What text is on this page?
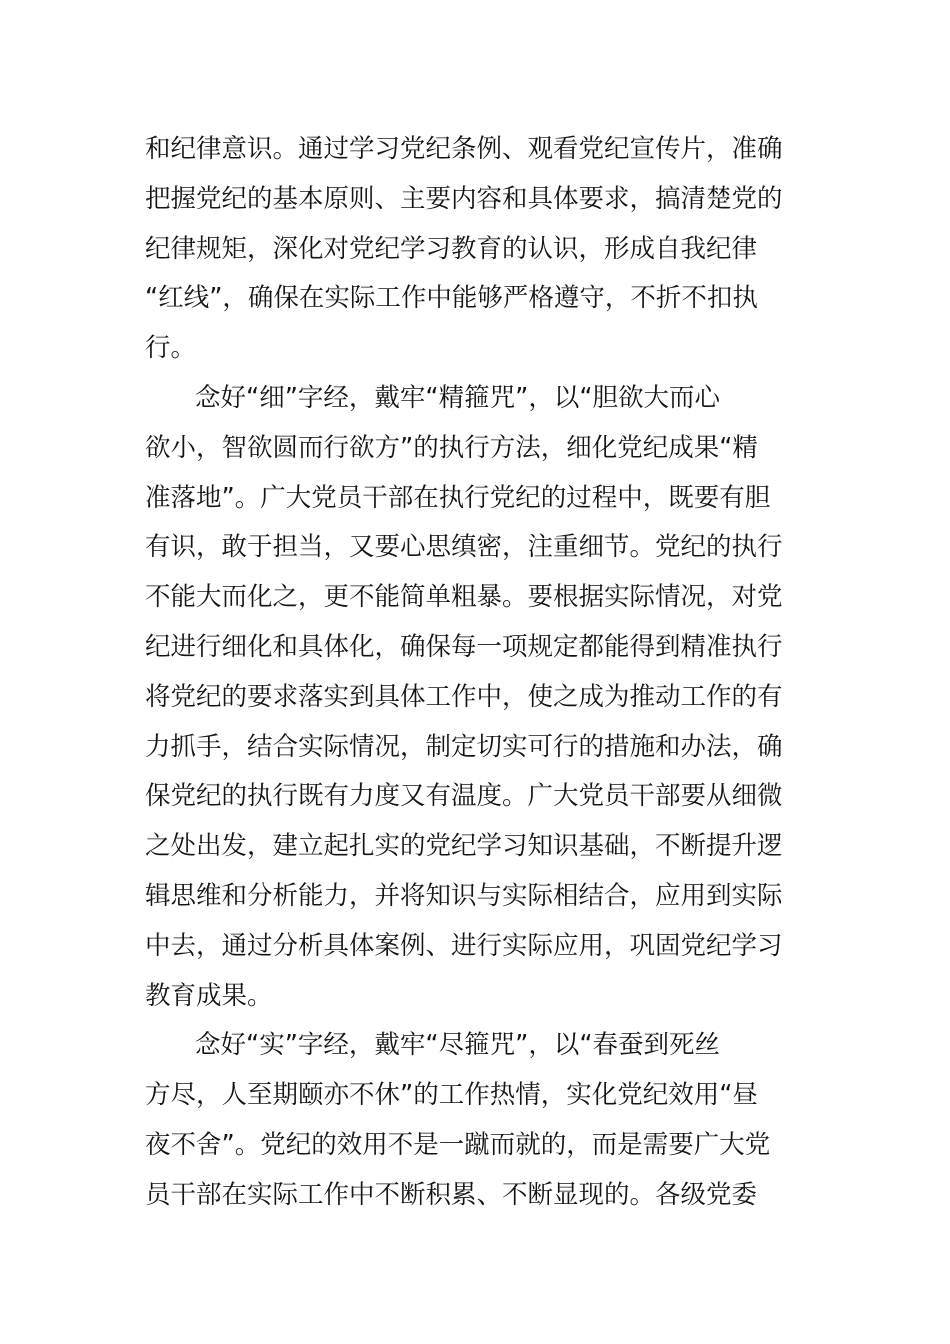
和纪律意识。通过学习党纪条例、观看党纪宣传片，准确
把握党纪的基本原则、主要内容和具体要求，搞清楚党的
纪律规矩，深化对党纪学习教育的认识，形成自我纪律
“红线”，确保在实际工作中能够严格遵守，不折不扣执
行。
念好“细”字经，戴牢“精箍咒”，以“胆欲大而心
欲小，智欲圆而行欲方”的执行方法，细化党纪成果“精
准落地”。广大党员干部在执行党纪的过程中，既要有胆
有识，敢于担当，又要心思缜密，注重细节。党纪的执行
不能大而化之，更不能简单粗暴。要根据实际情况，对党
纪进行细化和具体化，确保每一项规定都能得到精准执行
将党纪的要求落实到具体工作中，使之成为推动工作的有
力抓手，结合实际情况，制定切实可行的措施和办法，确
保党纪的执行既有力度又有温度。广大党员干部要从细微
之处出发，建立起扎实的党纪学习知识基础，不断提升逻
辑思维和分析能力，并将知识与实际相结合，应用到实际
中去，通过分析具体案例、进行实际应用，巩固党纪学习
教育成果。
念好“实”字经，戴牢“尽箍咒”，以“春蚕到死丝
方尽，人至期颐亦不休”的工作热情，实化党纪效用“昼
夜不舍”。党纪的效用不是一蹴而就的，而是需要广大党
员干部在实际工作中不断积累、不断显现的。各级党委
